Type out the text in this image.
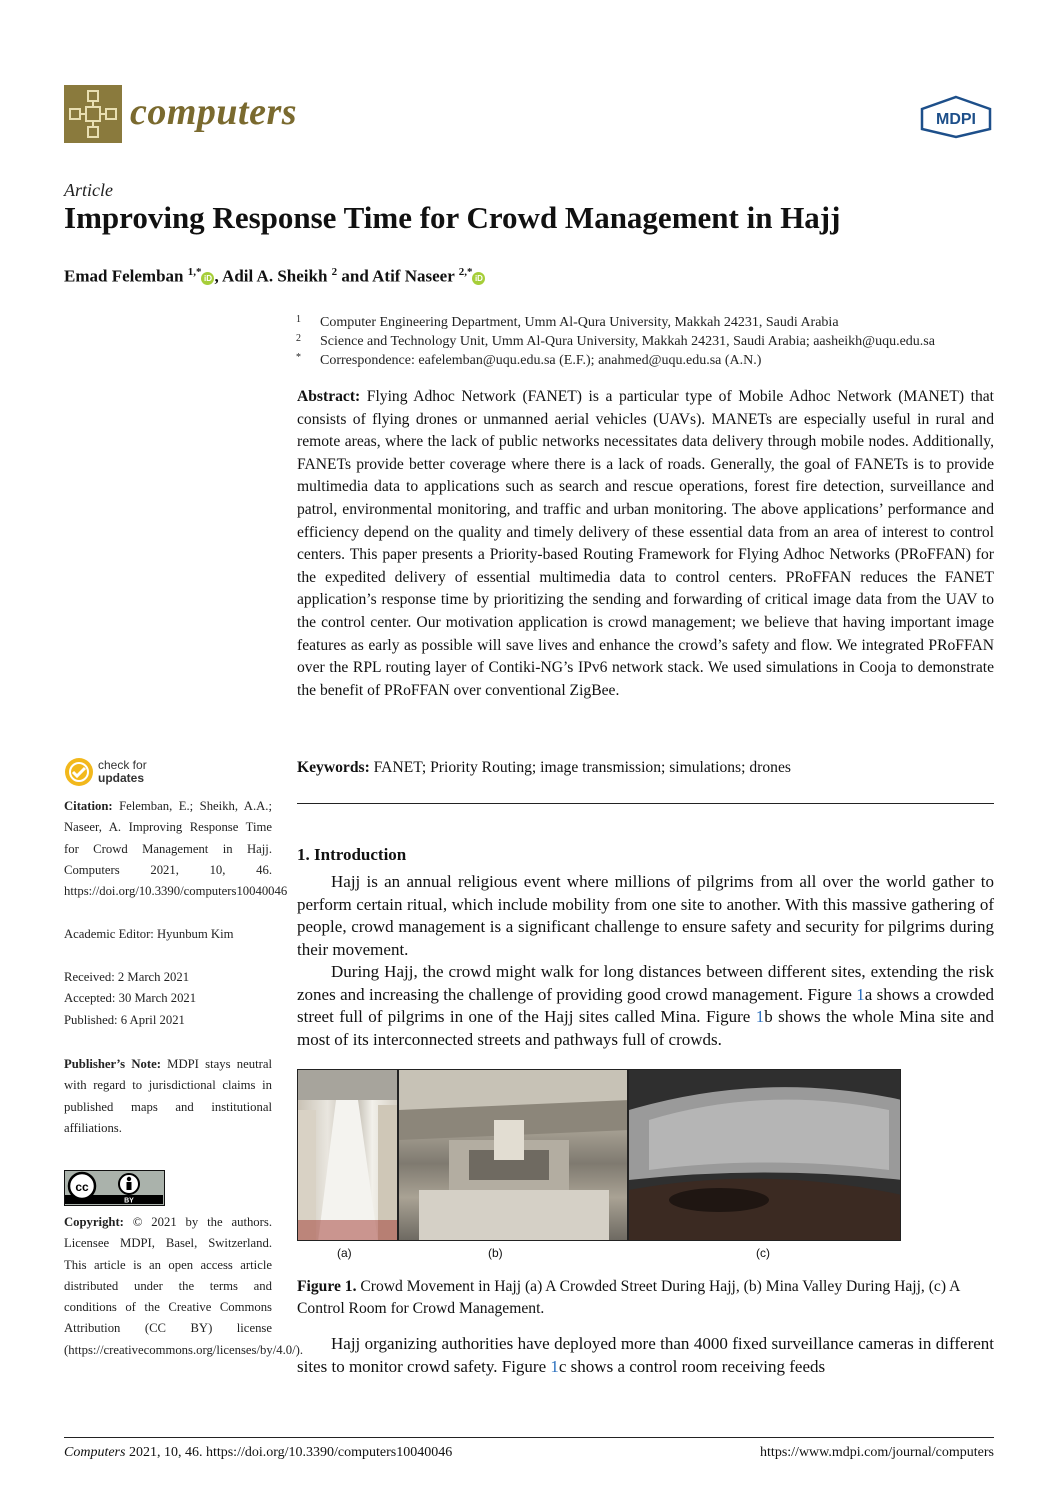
computers	MDPI
Article
Improving Response Time for Crowd Management in Hajj
Emad Felemban $^{1,*}$iD , Adil A. Sheikh $^2$ and Atif Naseer $^{2,*}$iD
1	Computer Engineering Department, Umm Al-Qura University, Makkah 24231, Saudi Arabia
2	Science and Technology Unit, Umm Al-Qura University, Makkah 24231, Saudi Arabia; aasheikh@uqu.edu.sa
*	Correspondence: eafelemban@uqu.edu.sa (E.F.); anahmed@uqu.edu.sa (A.N.)
Abstract: Flying Adhoc Network (FANET) is a particular type of Mobile Adhoc Network (MANET) that consists of flying drones or unmanned aerial vehicles (UAVs). MANETs are especially useful in rural and remote areas, where the lack of public networks necessitates data delivery through mobile nodes. Additionally, FANETs provide better coverage where there is a lack of roads. Generally, the goal of FANETs is to provide multimedia data to applications such as search and rescue operations, forest fire detection, surveillance and patrol, environmental monitoring, and traffic and urban monitoring. The above applications’ performance and efficiency depend on the quality and timely delivery of these essential data from an area of interest to control centers. This paper presents a Priority-based Routing Framework for Flying Adhoc Networks (PRoFFAN) for the expedited delivery of essential multimedia data to control centers. PRoFFAN reduces the FANET application’s response time by prioritizing the sending and forwarding of critical image data from the UAV to the control center. Our motivation application is crowd management; we believe that having important image features as early as possible will save lives and enhance the crowd’s safety and flow. We integrated PRoFFAN over the RPL routing layer of Contiki-NG’s IPv6 network stack. We used simulations in Cooja to demonstrate the benefit of PRoFFAN over conventional ZigBee.
Keywords: FANET; Priority Routing; image transmission; simulations; drones
1. Introduction

Hajj is an annual religious event where millions of pilgrims from all over the world gather to perform certain ritual, which include mobility from one site to another. With this massive gathering of people, crowd management is a significant challenge to ensure safety and security for pilgrims during their movement.

During Hajj, the crowd might walk for long distances between different sites, extending the risk zones and increasing the challenge of providing good crowd management. Figure 1a shows a crowded street full of pilgrims in one of the Hajj sites called Mina. Figure 1b shows the whole Mina site and most of its interconnected streets and pathways full of crowds.

(a)	(b)	(c)
Figure 1. Crowd Movement in Hajj (a) A Crowded Street During Hajj, (b) Mina Valley During Hajj, (c) A Control Room for Crowd Management.

Hajj organizing authorities have deployed more than 4000 fixed surveillance cameras in different sites to monitor crowd safety. Figure 1c shows a control room receiving feeds

check for
updates
Citation: Felemban, E.; Sheikh, A.A.; Naseer, A. Improving Response Time for Crowd Management in Hajj. Computers 2021, 10, 46. https://doi.org/10.3390/computers10040046
Academic Editor: Hyunbum Kim
Received: 2 March 2021
Accepted: 30 March 2021
Published: 6 April 2021
Publisher’s Note: MDPI stays neutral with regard to jurisdictional claims in published maps and institutional affiliations.
cc
BY
Copyright: © 2021 by the authors. Licensee MDPI, Basel, Switzerland. This article is an open access article distributed under the terms and conditions of the Creative Commons Attribution (CC BY) license (https://creativecommons.org/licenses/by/4.0/).
Computers 2021, 10, 46. https://doi.org/10.3390/computers10040046	https://www.mdpi.com/journal/computers
